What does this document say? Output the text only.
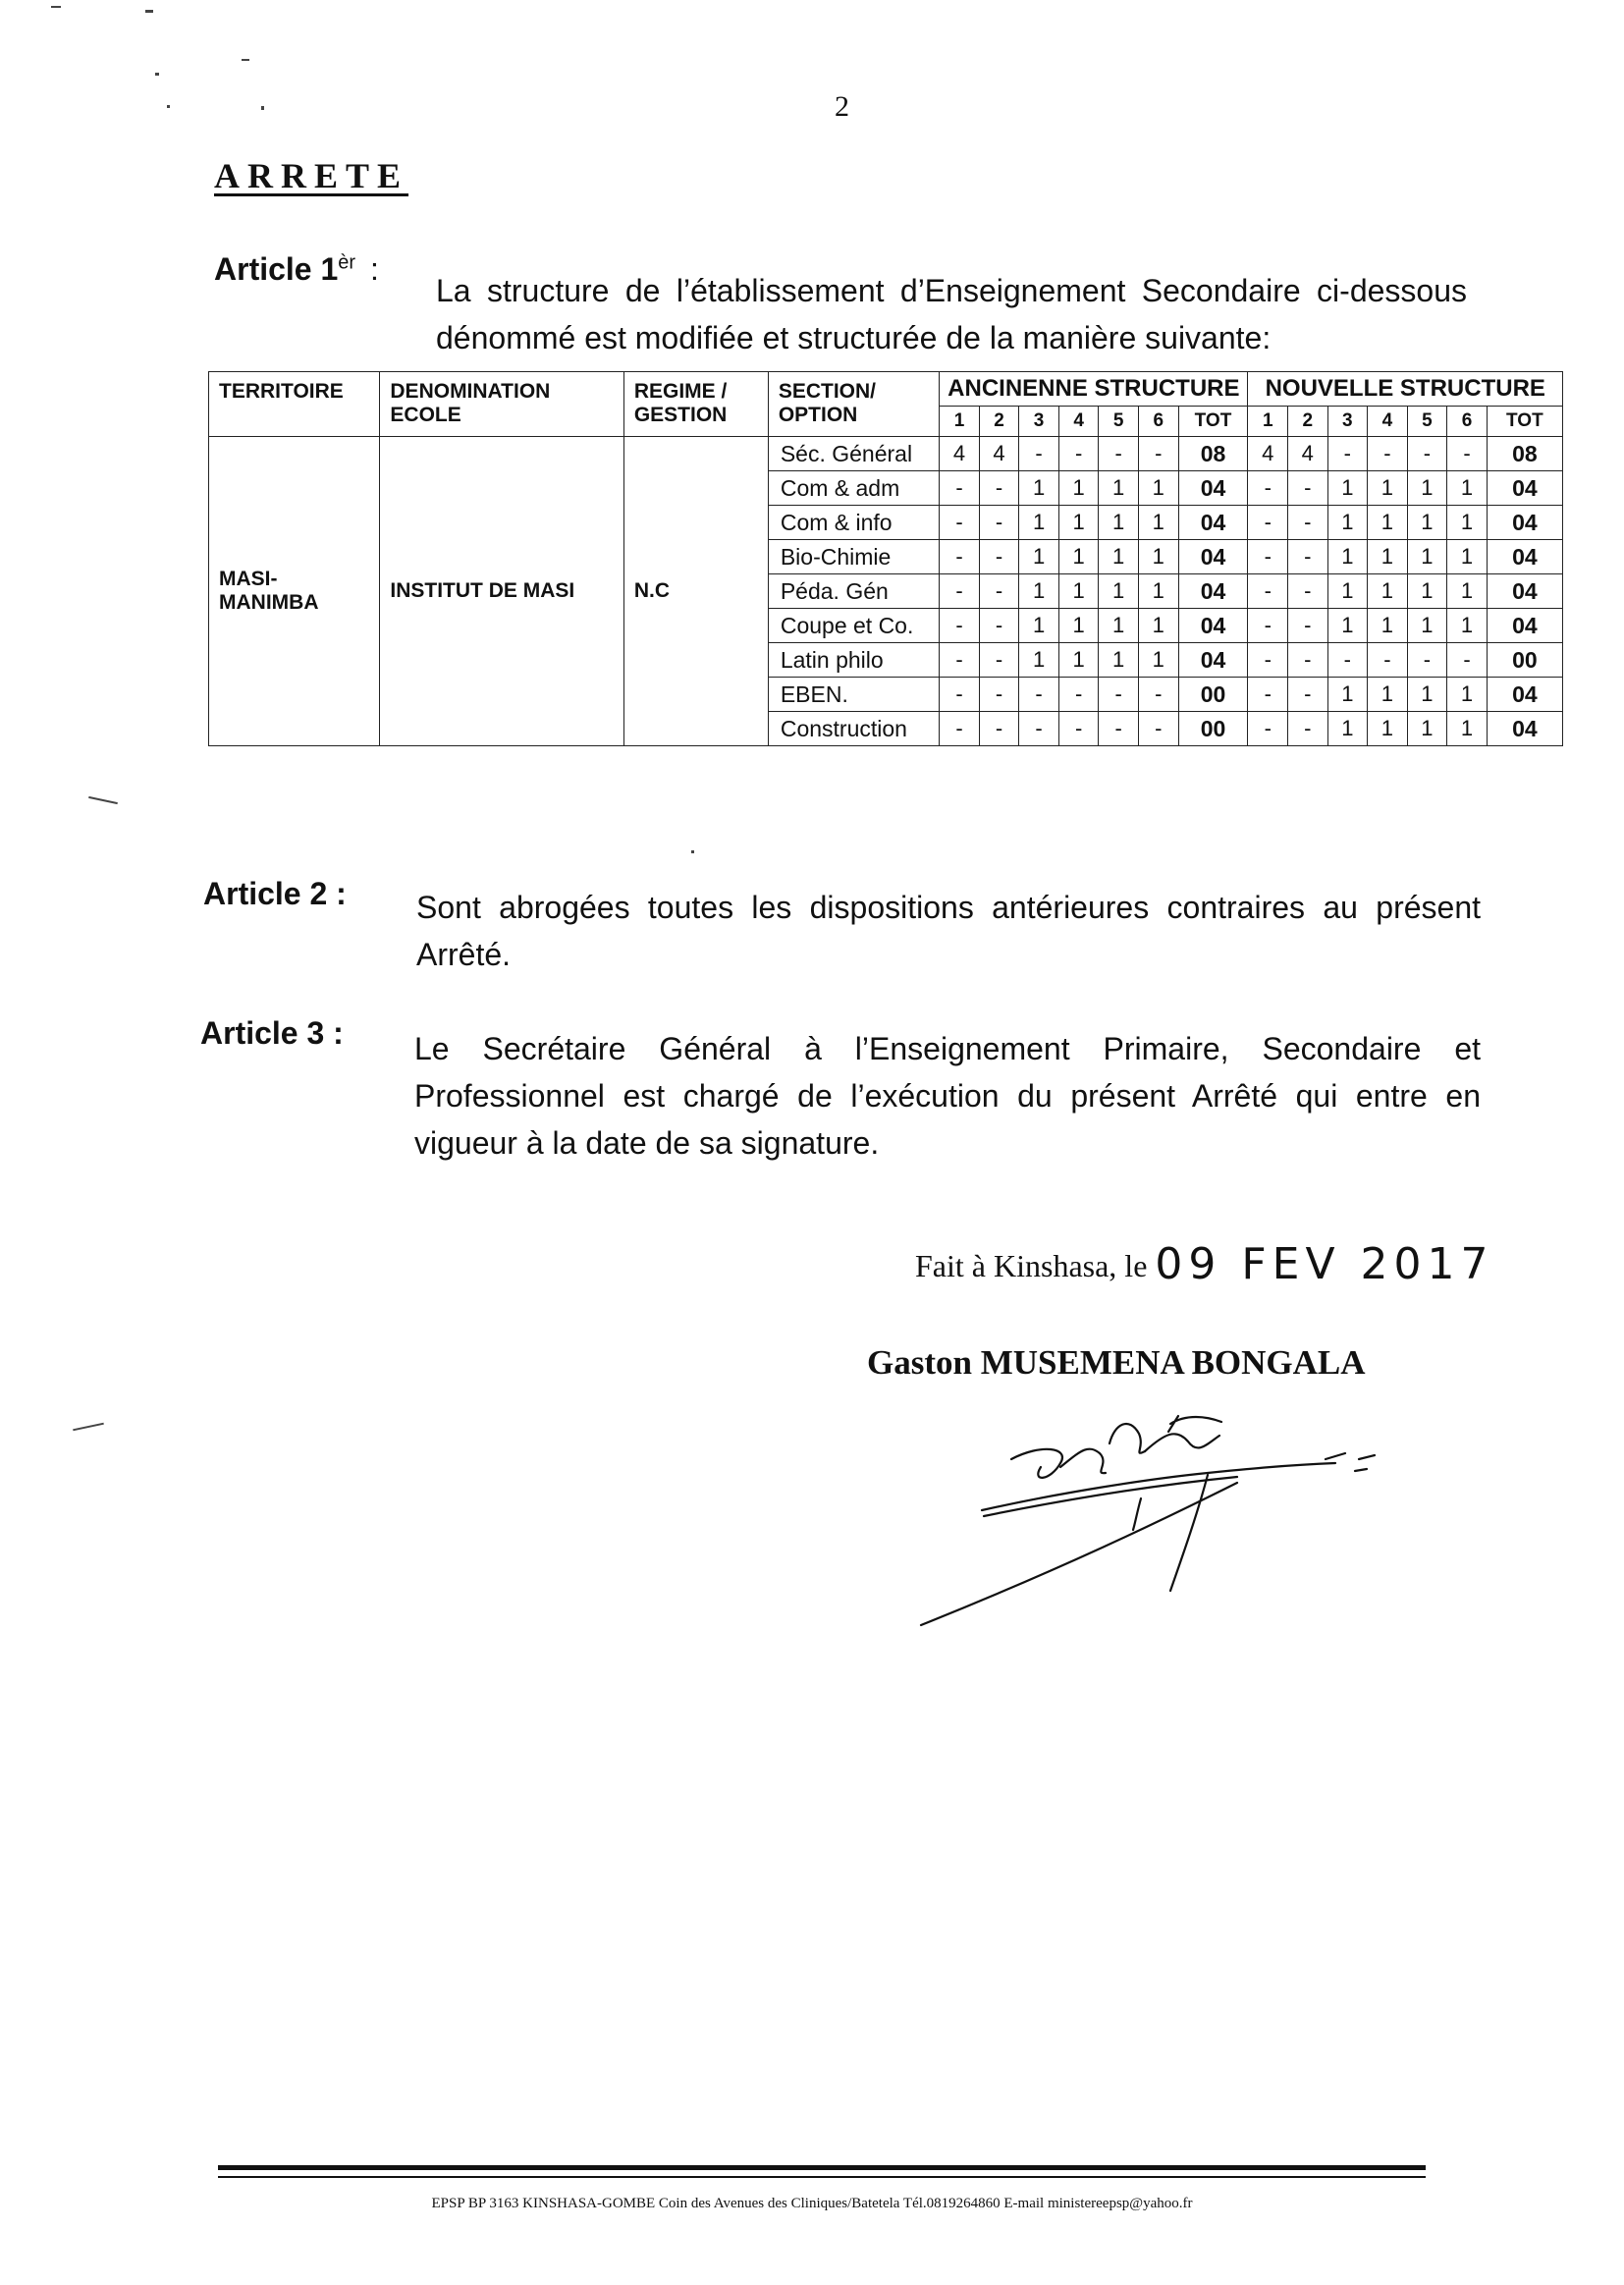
2
ARRETE
Article $1^{èr}$ :
La structure de l’établissement d’Enseignement Secondaire ci-dessous dénommé est modifiée et structurée de la manière suivante:
TERRITOIRE	DENOMINATION ECOLE	REGIME / GESTION	SECTION/ OPTION	ANCINENNE STRUCTURE							NOUVELLE STRUCTURE						
				1	2	3	4	5	6	TOT	1	2	3	4	5	6	TOT
MASI- MANIMBA	INSTITUT DE MASI	N.C	Séc. Général	4	4	-	-	-	-	08	4	4	-	-	-	-	08
			Com & adm	-	-	1	1	1	1	04	-	-	1	1	1	1	04
			Com & info	-	-	1	1	1	1	04	-	-	1	1	1	1	04
			Bio-Chimie	-	-	1	1	1	1	04	-	-	1	1	1	1	04
			Péda. Gén	-	-	1	1	1	1	04	-	-	1	1	1	1	04
			Coupe et Co.	-	-	1	1	1	1	04	-	-	1	1	1	1	04
			Latin philo	-	-	1	1	1	1	04	-	-	-	-	-	-	00
			EBEN.	-	-	-	-	-	-	00	-	-	1	1	1	1	04
			Construction	-	-	-	-	-	-	00	-	-	1	1	1	1	04
Article 2 : Sont abrogées toutes les dispositions antérieures contraires au présent Arrêté.
Article 3 : Le Secrétaire Général à l’Enseignement Primaire, Secondaire et Professionnel est chargé de l’exécution du présent Arrêté qui entre en vigueur à la date de sa signature.
Fait à Kinshasa, le 09 FEV 2017
Gaston MUSEMENA BONGALA
EPSP BP 3163 KINSHASA-GOMBE Coin des Avenues des Cliniques/Batetela Tél.0819264860 E-mail ministereepsp@yahoo.fr
